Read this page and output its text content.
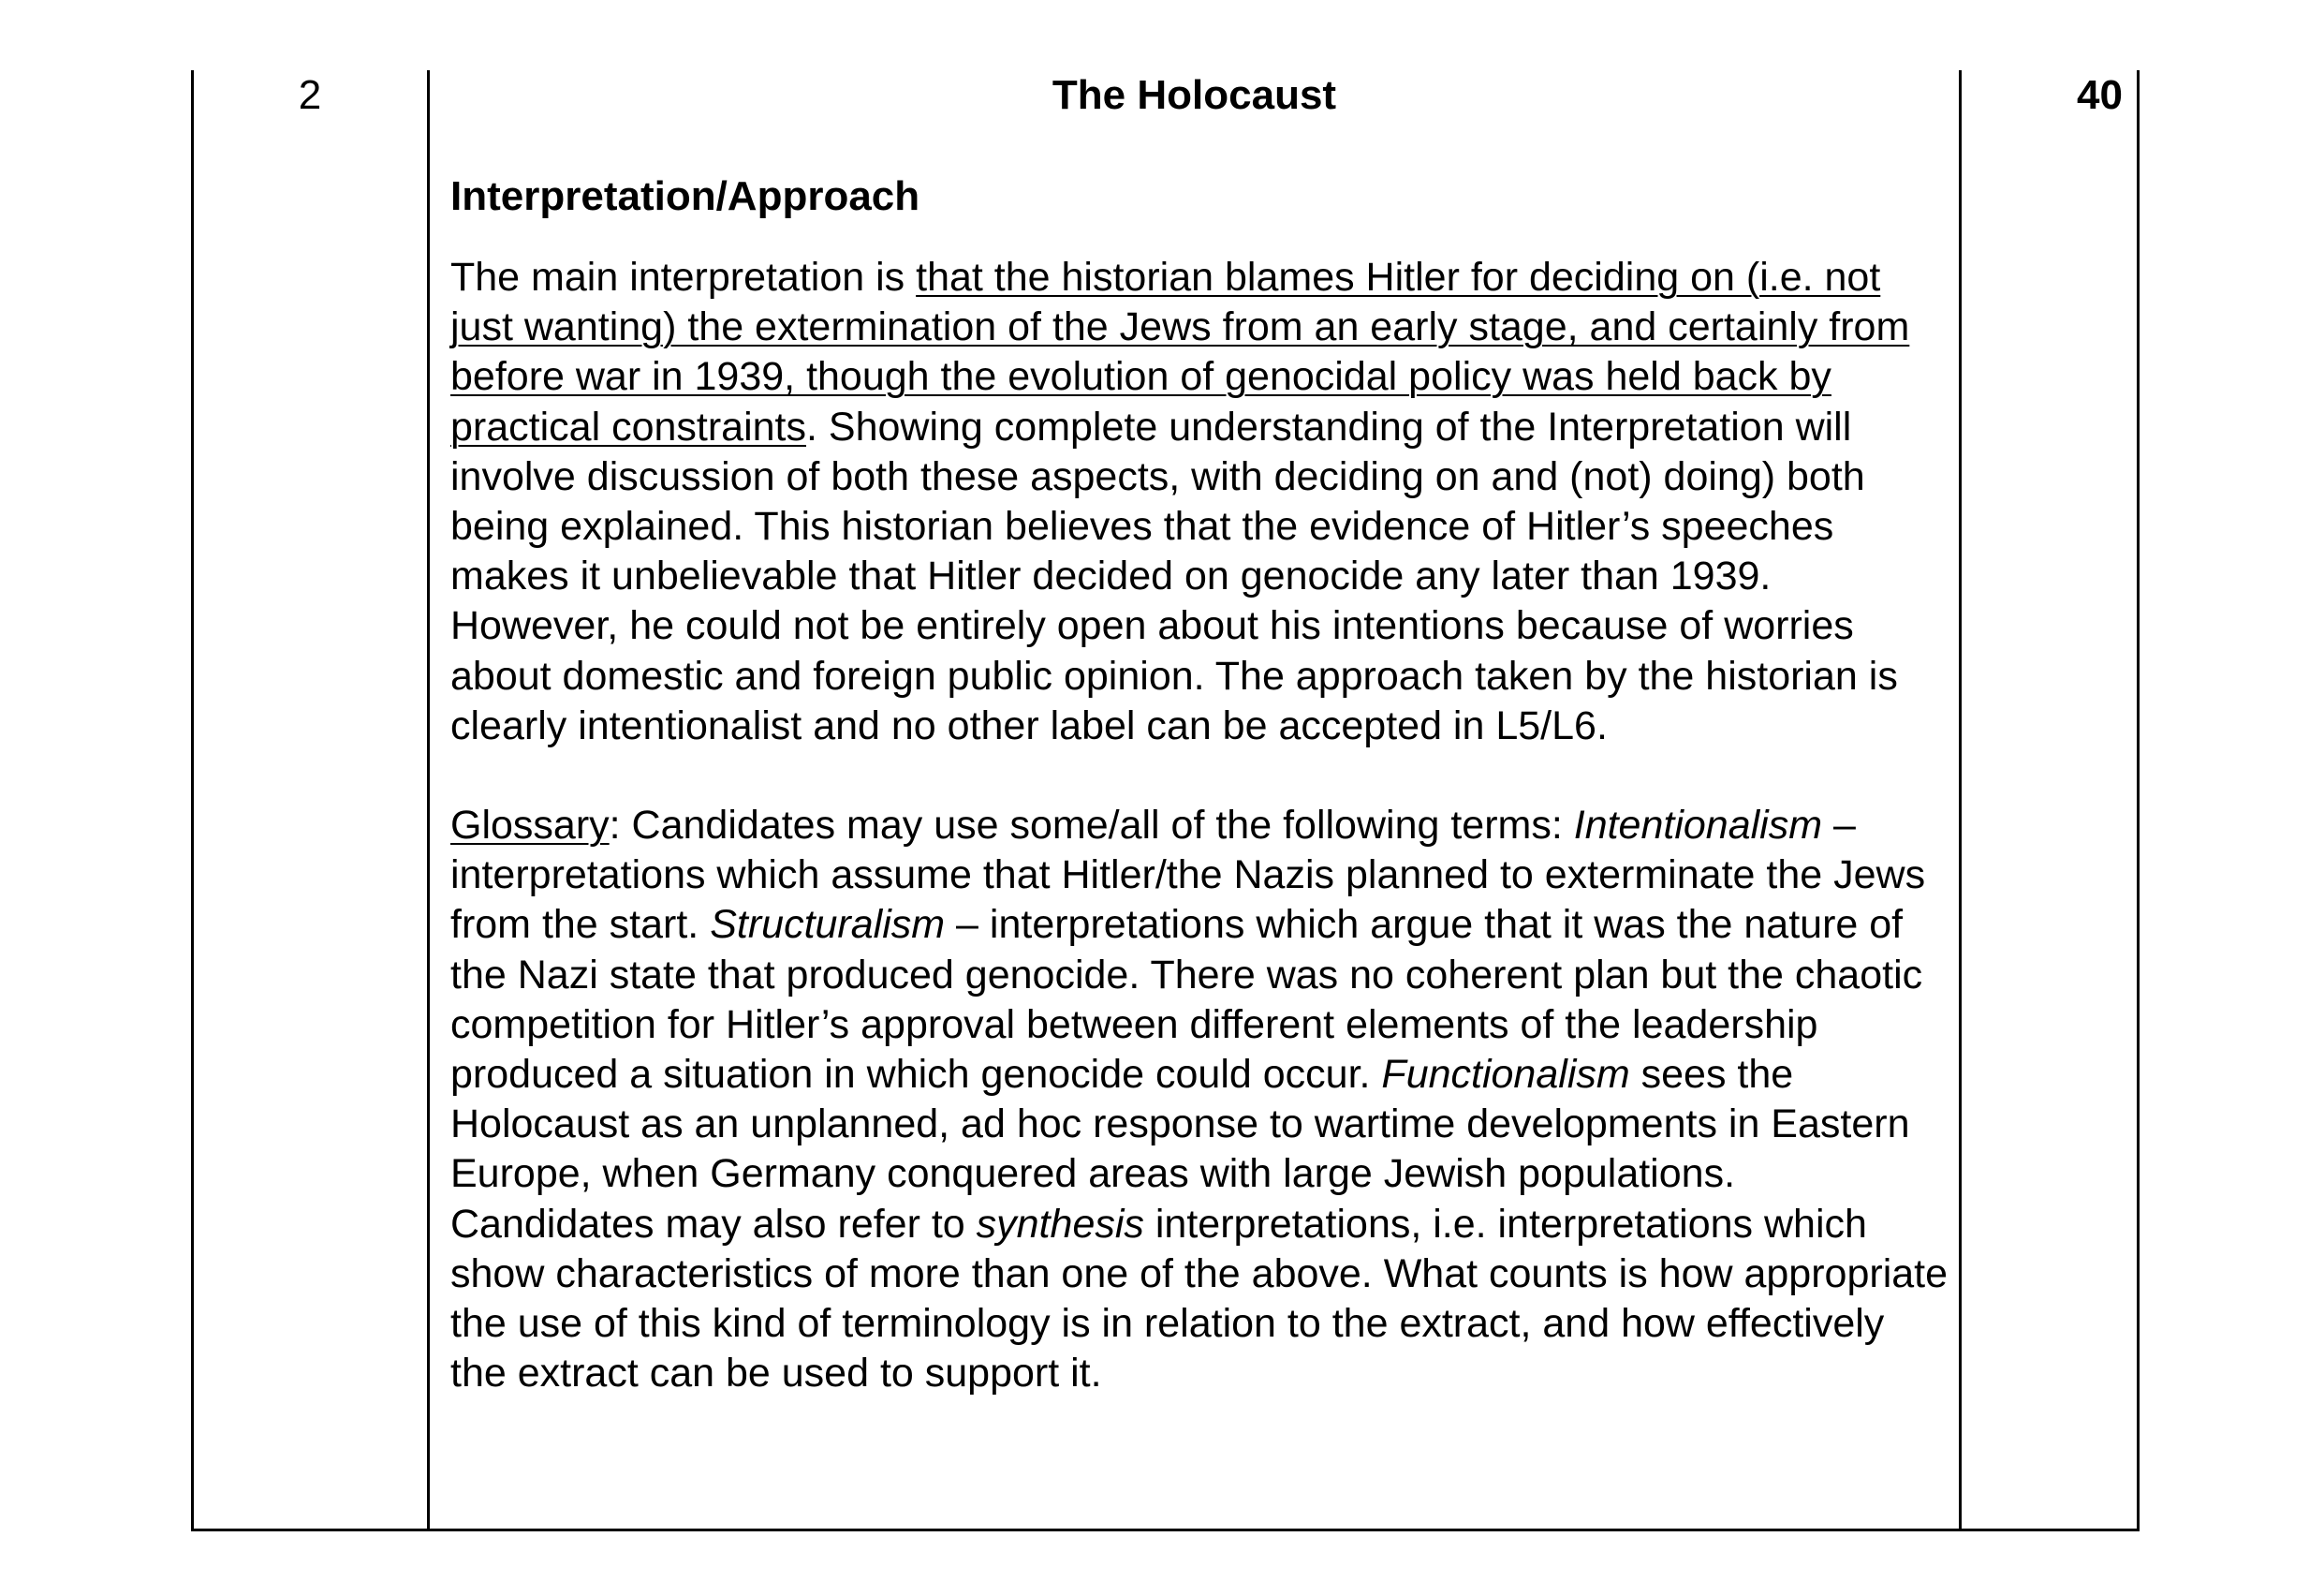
2	The Holocaust	40
Interpretation/Approach

The main interpretation is that the historian blames Hitler for deciding on (i.e. not just wanting) the extermination of the Jews from an early stage, and certainly from before war in 1939, though the evolution of genocidal policy was held back by practical constraints. Showing complete understanding of the Interpretation will involve discussion of both these aspects, with deciding on and (not) doing) both being explained. This historian believes that the evidence of Hitler’s speeches makes it unbelievable that Hitler decided on genocide any later than 1939. However, he could not be entirely open about his intentions because of worries about domestic and foreign public opinion. The approach taken by the historian is clearly intentionalist and no other label can be accepted in L5/L6.

Glossary: Candidates may use some/all of the following terms: Intentionalism – interpretations which assume that Hitler/the Nazis planned to exterminate the Jews from the start. Structuralism – interpretations which argue that it was the nature of the Nazi state that produced genocide. There was no coherent plan but the chaotic competition for Hitler’s approval between different elements of the leadership produced a situation in which genocide could occur. Functionalism sees the Holocaust as an unplanned, ad hoc response to wartime developments in Eastern Europe, when Germany conquered areas with large Jewish populations. Candidates may also refer to synthesis interpretations, i.e. interpretations which show characteristics of more than one of the above. What counts is how appropriate the use of this kind of terminology is in relation to the extract, and how effectively the extract can be used to support it.
